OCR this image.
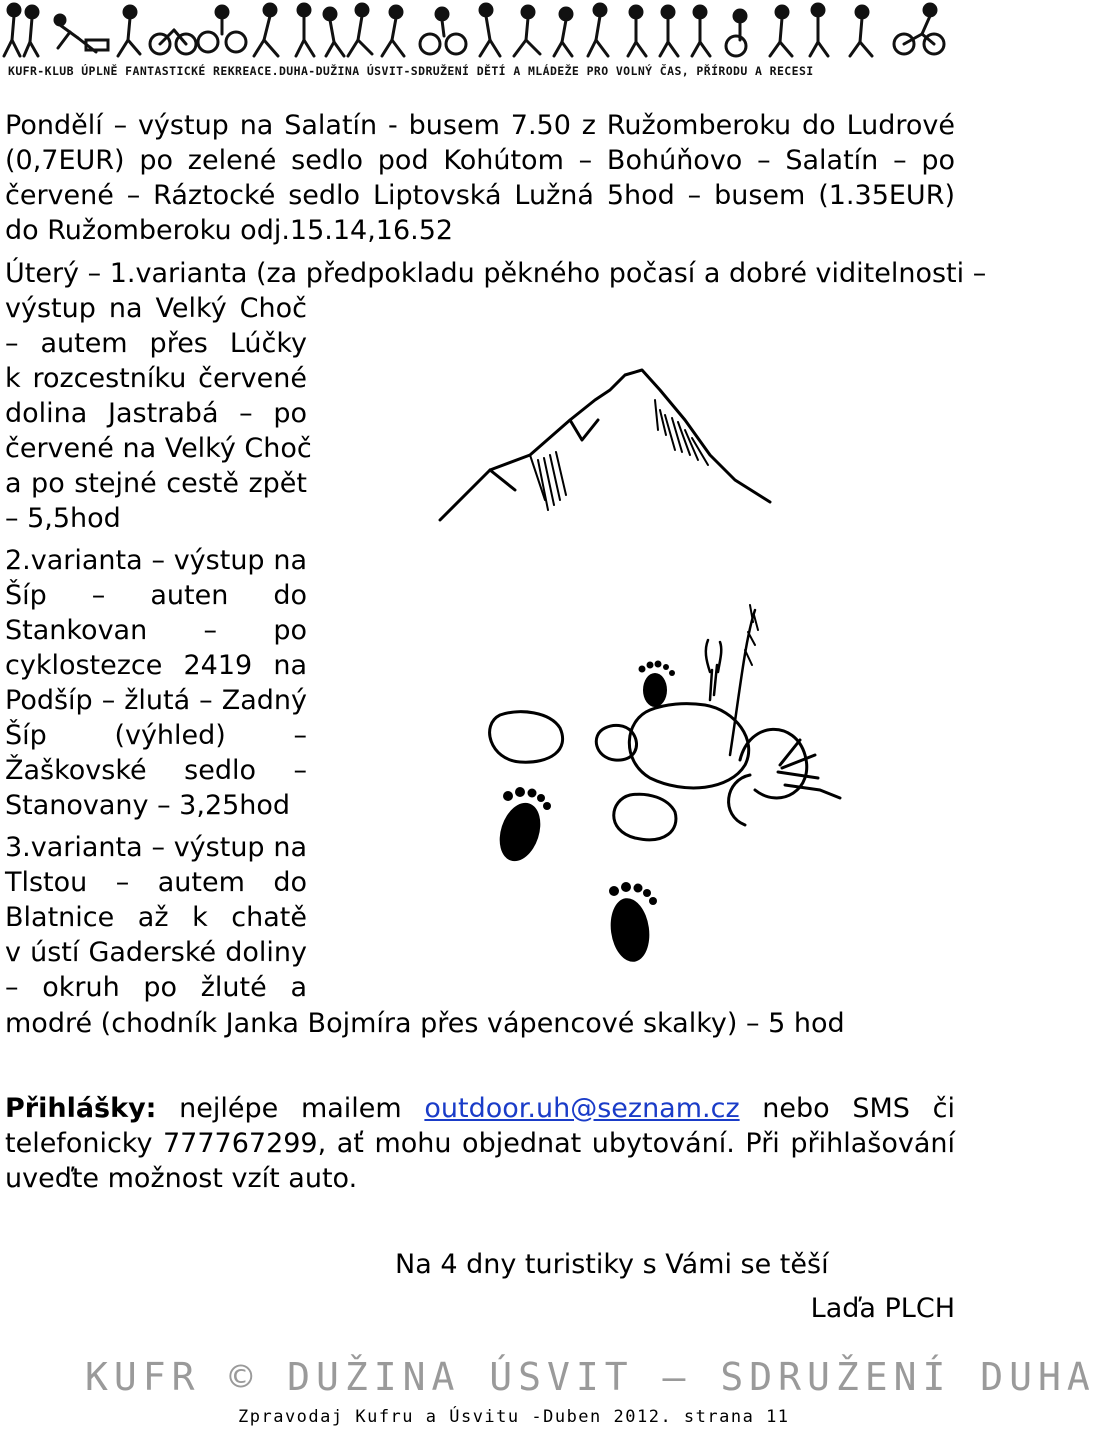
KUFR-KLUB ÚPLNĚ FANTASTICKÉ REKREACE.DUHA-DUŽINA ÚSVIT-SDRUŽENÍ DĚTÍ A MLÁDEŽE PRO VOLNÝ ČAS, PŘÍRODU A RECESI
Pondělí – výstup na Salatín - busem 7.50 z Ružomberoku do Ludrové
(0,7EUR) po zelené sedlo pod Kohútom – Bohúňovo – Salatín – po
červené – Ráztocké sedlo Liptovská Lužná 5hod – busem (1.35EUR)
do Ružomberoku odj.15.14,16.52
Úterý – 1.varianta (za předpokladu pěkného počasí a dobré viditelnosti –
výstup na Velký Choč
– autem přes Lúčky
k rozcestníku červené
dolina Jastrabá – po
červené na Velký Choč
a po stejné cestě zpět
– 5,5hod
2.varianta – výstup na
Šíp – auten do
Stankovan – po
cyklostezce 2419 na
Podšíp – žlutá – Zadný
Šíp (výhled) –
Žaškovské sedlo –
Stanovany – 3,25hod
3.varianta – výstup na
Tlstou – autem do
Blatnice až k chatě
v ústí Gaderské doliny
– okruh po žluté a
modré (chodník Janka Bojmíra přes vápencové skalky) – 5 hod
Přihlášky: nejlépe mailem outdoor.uh@seznam.cz nebo SMS či telefonicky 777767299, ať mohu objednat ubytování. Při přihlašování uveďte možnost vzít auto.
Na 4 dny turistiky s Vámi se těší
Laďa PLCH
KUFR © DUŽINA ÚSVIT – SDRUŽENÍ DUHA
Zpravodaj Kufru a Úsvitu -Duben 2012. strana 11
